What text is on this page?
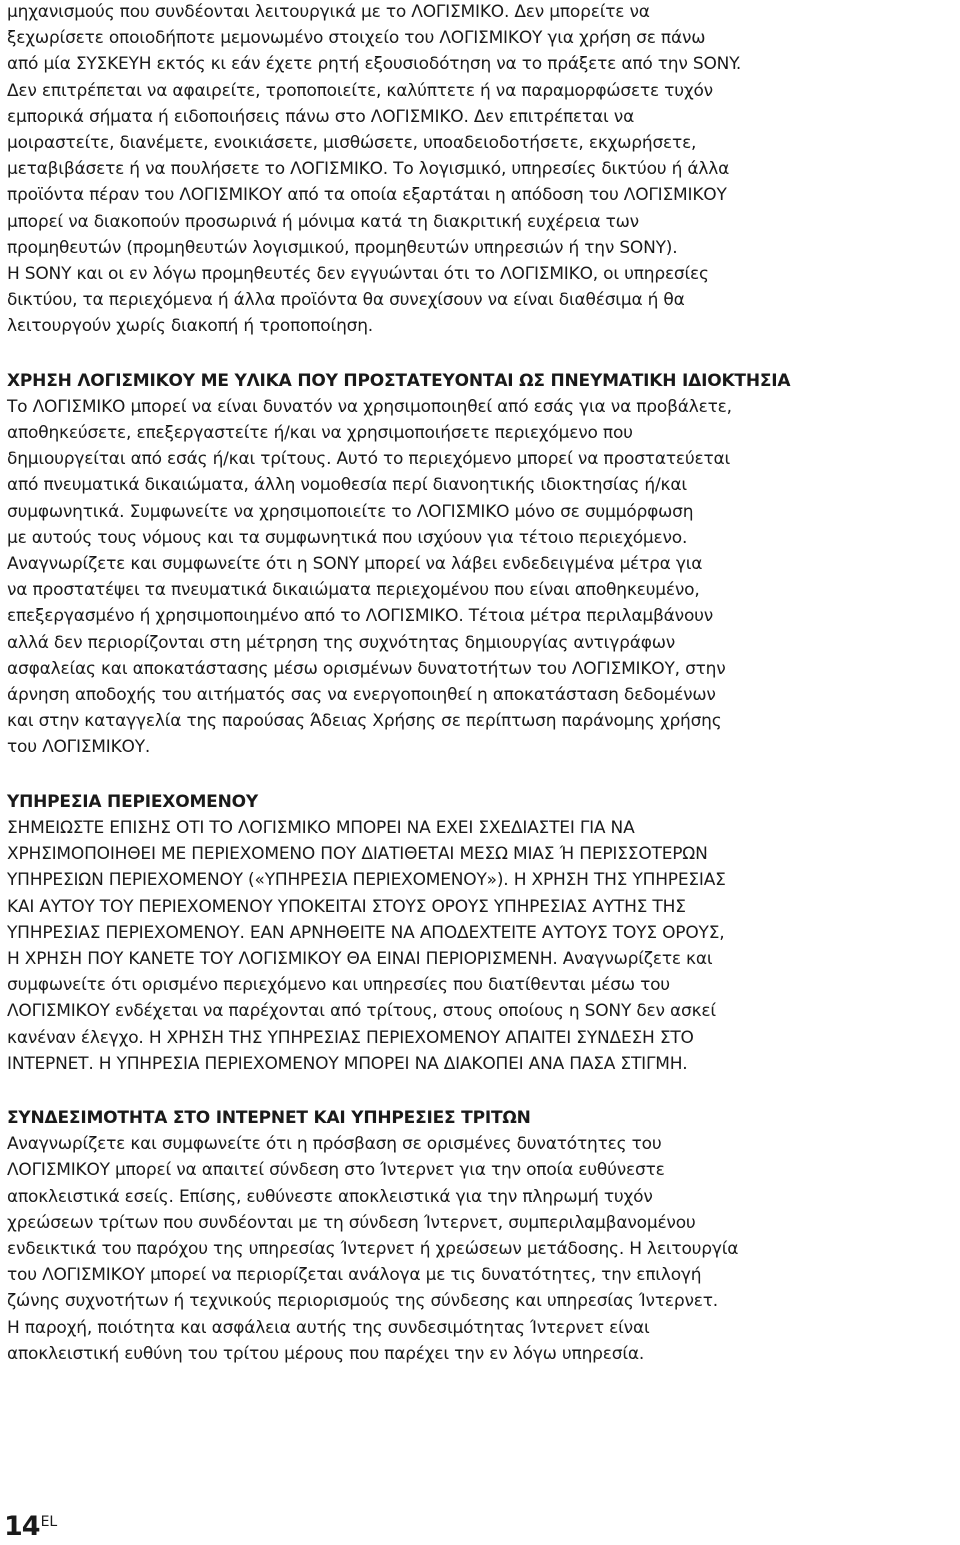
μηχανισμούς που συνδέονται λειτουργικά με το ΛΟΓΙΣΜΙΚΟ. Δεν μπορείτε να
ξεχωρίσετε οποιοδήποτε μεμονωμένο στοιχείο του ΛΟΓΙΣΜΙΚΟΥ για χρήση σε πάνω
από μία ΣΥΣΚΕΥΗ εκτός κι εάν έχετε ρητή εξουσιοδότηση να το πράξετε από την SONY.
Δεν επιτρέπεται να αφαιρείτε, τροποποιείτε, καλύπτετε ή να παραμορφώσετε τυχόν
εμπορικά σήματα ή ειδοποιήσεις πάνω στο ΛΟΓΙΣΜΙΚΟ. Δεν επιτρέπεται να
μοιραστείτε, διανέμετε, ενοικιάσετε, μισθώσετε, υποαδειοδοτήσετε, εκχωρήσετε,
μεταβιβάσετε ή να πουλήσετε το ΛΟΓΙΣΜΙΚΟ. Το λογισμικό, υπηρεσίες δικτύου ή άλλα
προϊόντα πέραν του ΛΟΓΙΣΜΙΚΟΥ από τα οποία εξαρτάται η απόδοση του ΛΟΓΙΣΜΙΚΟΥ
μπορεί να διακοπούν προσωρινά ή μόνιμα κατά τη διακριτική ευχέρεια των
προμηθευτών (προμηθευτών λογισμικού, προμηθευτών υπηρεσιών ή την SONY).
Η SONY και οι εν λόγω προμηθευτές δεν εγγυώνται ότι το ΛΟΓΙΣΜΙΚΟ, οι υπηρεσίες
δικτύου, τα περιεχόμενα ή άλλα προϊόντα θα συνεχίσουν να είναι διαθέσιμα ή θα
λειτουργούν χωρίς διακοπή ή τροποποίηση.

ΧΡΗΣΗ ΛΟΓΙΣΜΙΚΟΥ ΜΕ ΥΛΙΚΑ ΠΟΥ ΠΡΟΣΤΑΤΕΥΟΝΤΑΙ ΩΣ ΠΝΕΥΜΑΤΙΚΗ ΙΔΙΟΚΤΗΣΙΑ

Το ΛΟΓΙΣΜΙΚΟ μπορεί να είναι δυνατόν να χρησιμοποιηθεί από εσάς για να προβάλετε,
αποθηκεύσετε, επεξεργαστείτε ή/και να χρησιμοποιήσετε περιεχόμενο που
δημιουργείται από εσάς ή/και τρίτους. Αυτό το περιεχόμενο μπορεί να προστατεύεται
από πνευματικά δικαιώματα, άλλη νομοθεσία περί διανοητικής ιδιοκτησίας ή/και
συμφωνητικά. Συμφωνείτε να χρησιμοποιείτε το ΛΟΓΙΣΜΙΚΟ μόνο σε συμμόρφωση
με αυτούς τους νόμους και τα συμφωνητικά που ισχύουν για τέτοιο περιεχόμενο.
Αναγνωρίζετε και συμφωνείτε ότι η SONY μπορεί να λάβει ενδεδειγμένα μέτρα για
να προστατέψει τα πνευματικά δικαιώματα περιεχομένου που είναι αποθηκευμένο,
επεξεργασμένο ή χρησιμοποιημένο από το ΛΟΓΙΣΜΙΚΟ. Τέτοια μέτρα περιλαμβάνουν
αλλά δεν περιορίζονται στη μέτρηση της συχνότητας δημιουργίας αντιγράφων
ασφαλείας και αποκατάστασης μέσω ορισμένων δυνατοτήτων του ΛΟΓΙΣΜΙΚΟΥ, στην
άρνηση αποδοχής του αιτήματός σας να ενεργοποιηθεί η αποκατάσταση δεδομένων
και στην καταγγελία της παρούσας Άδειας Χρήσης σε περίπτωση παράνομης χρήσης
του ΛΟΓΙΣΜΙΚΟΥ.

ΥΠΗΡΕΣΙΑ ΠΕΡΙΕΧΟΜΕΝΟΥ

ΣΗΜΕΙΩΣΤΕ ΕΠΙΣΗΣ ΟΤΙ ΤΟ ΛΟΓΙΣΜΙΚΟ ΜΠΟΡΕΙ ΝΑ ΕΧΕΙ ΣΧΕΔΙΑΣΤΕΙ ΓΙΑ ΝΑ
ΧΡΗΣΙΜΟΠΟΙΗΘΕΙ ΜΕ ΠΕΡΙΕΧΟΜΕΝΟ ΠΟΥ ΔΙΑΤΙΘΕΤΑΙ ΜΕΣΩ ΜΙΑΣ Ή ΠΕΡΙΣΣΟΤΕΡΩΝ
ΥΠΗΡΕΣΙΩΝ ΠΕΡΙΕΧΟΜΕΝΟΥ («ΥΠΗΡΕΣΙΑ ΠΕΡΙΕΧΟΜΕΝΟΥ»). Η ΧΡΗΣΗ ΤΗΣ ΥΠΗΡΕΣΙΑΣ
ΚΑΙ ΑΥΤΟΥ ΤΟΥ ΠΕΡΙΕΧΟΜΕΝΟΥ ΥΠΟΚΕΙΤΑΙ ΣΤΟΥΣ ΟΡΟΥΣ ΥΠΗΡΕΣΙΑΣ ΑΥΤΗΣ ΤΗΣ
ΥΠΗΡΕΣΙΑΣ ΠΕΡΙΕΧΟΜΕΝΟΥ. ΕΑΝ ΑΡΝΗΘΕΙΤΕ ΝΑ ΑΠΟΔΕΧΤΕΙΤΕ ΑΥΤΟΥΣ ΤΟΥΣ ΟΡΟΥΣ,
Η ΧΡΗΣΗ ΠΟΥ ΚΑΝΕΤΕ ΤΟΥ ΛΟΓΙΣΜΙΚΟΥ ΘΑ ΕΙΝΑΙ ΠΕΡΙΟΡΙΣΜΕΝΗ. Αναγνωρίζετε και
συμφωνείτε ότι ορισμένο περιεχόμενο και υπηρεσίες που διατίθενται μέσω του
ΛΟΓΙΣΜΙΚΟΥ ενδέχεται να παρέχονται από τρίτους, στους οποίους η SONY δεν ασκεί
κανέναν έλεγχο. Η ΧΡΗΣΗ ΤΗΣ ΥΠΗΡΕΣΙΑΣ ΠΕΡΙΕΧΟΜΕΝΟΥ ΑΠΑΙΤΕΙ ΣΥΝΔΕΣΗ ΣΤΟ
ΙΝΤΕΡΝΕΤ. Η ΥΠΗΡΕΣΙΑ ΠΕΡΙΕΧΟΜΕΝΟΥ ΜΠΟΡΕΙ ΝΑ ΔΙΑΚΟΠΕΙ ΑΝΑ ΠΑΣΑ ΣΤΙΓΜΗ.

ΣΥΝΔΕΣΙΜΟΤΗΤΑ ΣΤΟ ΙΝΤΕΡΝΕΤ ΚΑΙ ΥΠΗΡΕΣΙΕΣ ΤΡΙΤΩΝ

Αναγνωρίζετε και συμφωνείτε ότι η πρόσβαση σε ορισμένες δυνατότητες του
ΛΟΓΙΣΜΙΚΟΥ μπορεί να απαιτεί σύνδεση στο Ίντερνετ για την οποία ευθύνεστε
αποκλειστικά εσείς. Επίσης, ευθύνεστε αποκλειστικά για την πληρωμή τυχόν
χρεώσεων τρίτων που συνδέονται με τη σύνδεση Ίντερνετ, συμπεριλαμβανομένου
ενδεικτικά του παρόχου της υπηρεσίας Ίντερνετ ή χρεώσεων μετάδοσης. Η λειτουργία
του ΛΟΓΙΣΜΙΚΟΥ μπορεί να περιορίζεται ανάλογα με τις δυνατότητες, την επιλογή
ζώνης συχνοτήτων ή τεχνικούς περιορισμούς της σύνδεσης και υπηρεσίας Ίντερνετ.
Η παροχή, ποιότητα και ασφάλεια αυτής της συνδεσιμότητας Ίντερνετ είναι
αποκλειστική ευθύνη του τρίτου μέρους που παρέχει την εν λόγω υπηρεσία.

14 EL
